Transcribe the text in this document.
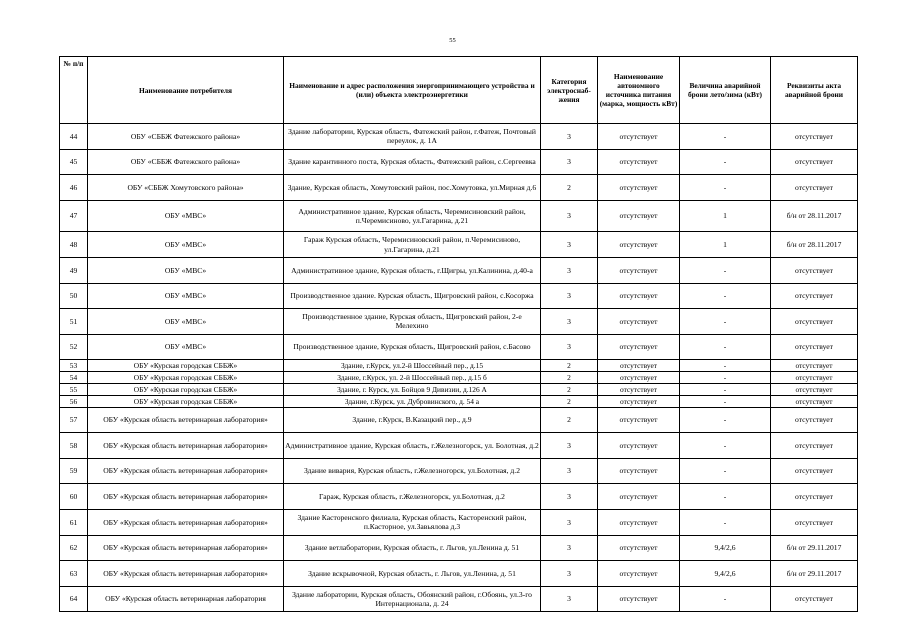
55
№ п/п	Наименование потребителя	Наименование и адрес расположения энергопринимающего устройства и (или) объекта электроэнергетики	Категория электроснаб-жения	Наименование автономного источника питания (марка, мощность кВт)	Величина аварийной брони лето/зима (кВт)	Реквизиты акта аварийной брони
44	ОБУ «СББЖ Фатежского района»	Здание лаборатории, Курская область, Фатежский район, г.Фатеж, Почтовый переулок, д. 1А	3	отсутствует	-	отсутствует
45	ОБУ «СББЖ Фатежского района»	Здание карантинного поста, Курская область, Фатежский район, с.Сергеевка	3	отсутствует	-	отсутствует
46	ОБУ «СББЖ Хомутовского района»	Здание, Курская область, Хомутовский район, пос.Хомутовка, ул.Мирная д.6	2	отсутствует	-	отсутствует
47	ОБУ «МВС»	Административное здание, Курская область, Черемисиновский район, п.Черемисиново, ул.Гагарина, д.21	3	отсутствует	1	б/н от 28.11.2017
48	ОБУ «МВС»	Гараж Курская область, Черемисиновский район, п.Черемисиново, ул.Гагарина, д.21	3	отсутствует	1	б/н от 28.11.2017
49	ОБУ «МВС»	Административное здание, Курская область, г.Щигры, ул.Калинина, д.40-а	3	отсутствует	-	отсутствует
50	ОБУ «МВС»	Производственное здание. Курская область, Щигровский район, с.Косоржа	3	отсутствует	-	отсутствует
51	ОБУ «МВС»	Производственное здание, Курская область, Щигровский район, 2-е Мелехино	3	отсутствует	-	отсутствует
52	ОБУ «МВС»	Производственное здание, Курская область, Щигровский район, с.Басово	3	отсутствует	-	отсутствует
53	ОБУ «Курская городская СББЖ»	Здание, г.Курск, ул.2-й Шоссейный пер., д.15	2	отсутствует	-	отсутствует
54	ОБУ «Курская городская СББЖ»	Здание, г.Курск, ул. 2-й Шоссейный пер., д.15 б	2	отсутствует	-	отсутствует
55	ОБУ «Курская городская СББЖ»	Здание, г. Курск, ул. Бойцов 9 Дивизии, д.126 А	2	отсутствует	-	отсутствует
56	ОБУ «Курская городская СББЖ»	Здание, г.Курск, ул. Дубровинского, д. 54 а	2	отсутствует	-	отсутствует
57	ОБУ «Курская область ветеринарная лаборатория»	Здание, г.Курск, В.Казацкий пер., д.9	2	отсутствует	-	отсутствует
58	ОБУ «Курская область ветеринарная лаборатория»	Административное здание, Курская область, г.Железногорск, ул. Болотная, д.2	3	отсутствует	-	отсутствует
59	ОБУ «Курская область ветеринарная лаборатория»	Здание вивария, Курская область, г.Железногорск, ул.Болотная, д.2	3	отсутствует	-	отсутствует
60	ОБУ «Курская область ветеринарная лаборатория»	Гараж, Курская область, г.Железногорск, ул.Болотная, д.2	3	отсутствует	-	отсутствует
61	ОБУ «Курская область ветеринарная лаборатория»	Здание Касторенского филиала, Курская область, Касторенский район, п.Касторное, ул.Завьялова д.3	3	отсутствует	-	отсутствует
62	ОБУ «Курская область ветеринарная лаборатория»	Здание ветлаборатории, Курская область, г. Льгов, ул.Ленина д. 51	3	отсутствует	9,4/2,6	б/н от 29.11.2017
63	ОБУ «Курская область ветеринарная лаборатория»	Здание вскрывочной, Курская область, г. Льгов, ул.Ленина, д. 51	3	отсутствует	9,4/2,6	б/н от 29.11.2017
64	ОБУ «Курская область ветеринарная лаборатория	Здание лаборатории, Курская область, Обоянский район, г.Обоянь, ул.3-го Интернационала, д. 24	3	отсутствует	-	отсутствует
